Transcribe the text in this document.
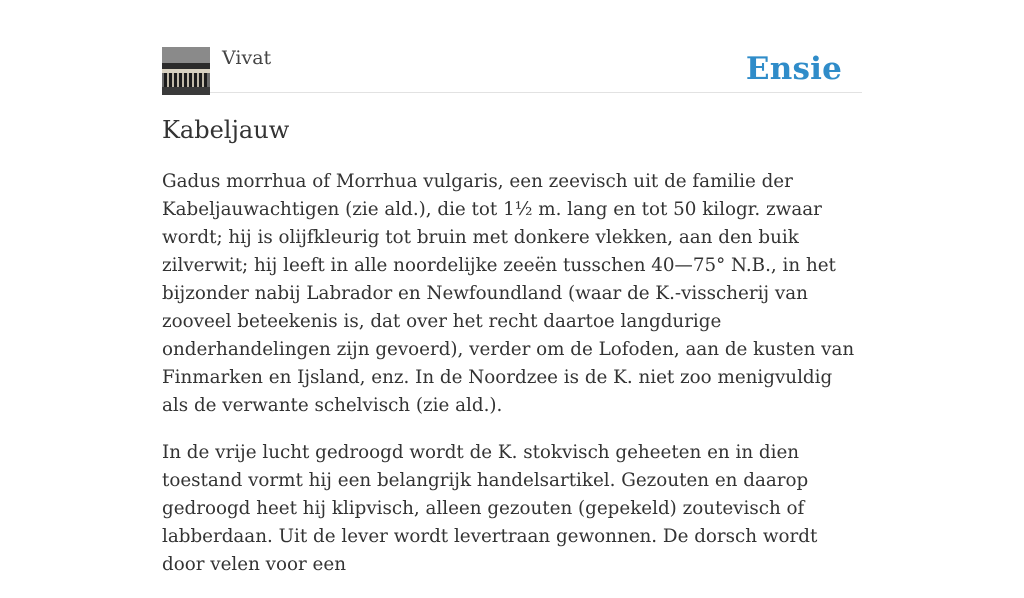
Vivat	Ensie
Kabeljauw

Gadus morrhua of Morrhua vulgaris, een zeevisch uit de familie der Kabeljauwachtigen (zie ald.), die tot 1½ m. lang en tot 50 kilogr. zwaar wordt; hij is olijfkleurig tot bruin met donkere vlekken, aan den buik zilverwit; hij leeft in alle noordelijke zeeën tusschen 40—75° N.B., in het bijzonder nabij Labrador en Newfoundland (waar de K.-visscherij van zooveel beteekenis is, dat over het recht daartoe langdurige onderhandelingen zijn gevoerd), verder om de Lofoden, aan de kusten van Finmarken en Ijsland, enz. In de Noordzee is de K. niet zoo menigvuldig als de verwante schelvisch (zie ald.).

In de vrije lucht gedroogd wordt de K. stokvisch geheeten en in dien toestand vormt hij een belangrijk handelsartikel. Gezouten en daarop gedroogd heet hij klipvisch, alleen gezouten (gepekeld) zoutevisch of labberdaan. Uit de lever wordt levertraan gewonnen. De dorsch wordt door velen voor een
